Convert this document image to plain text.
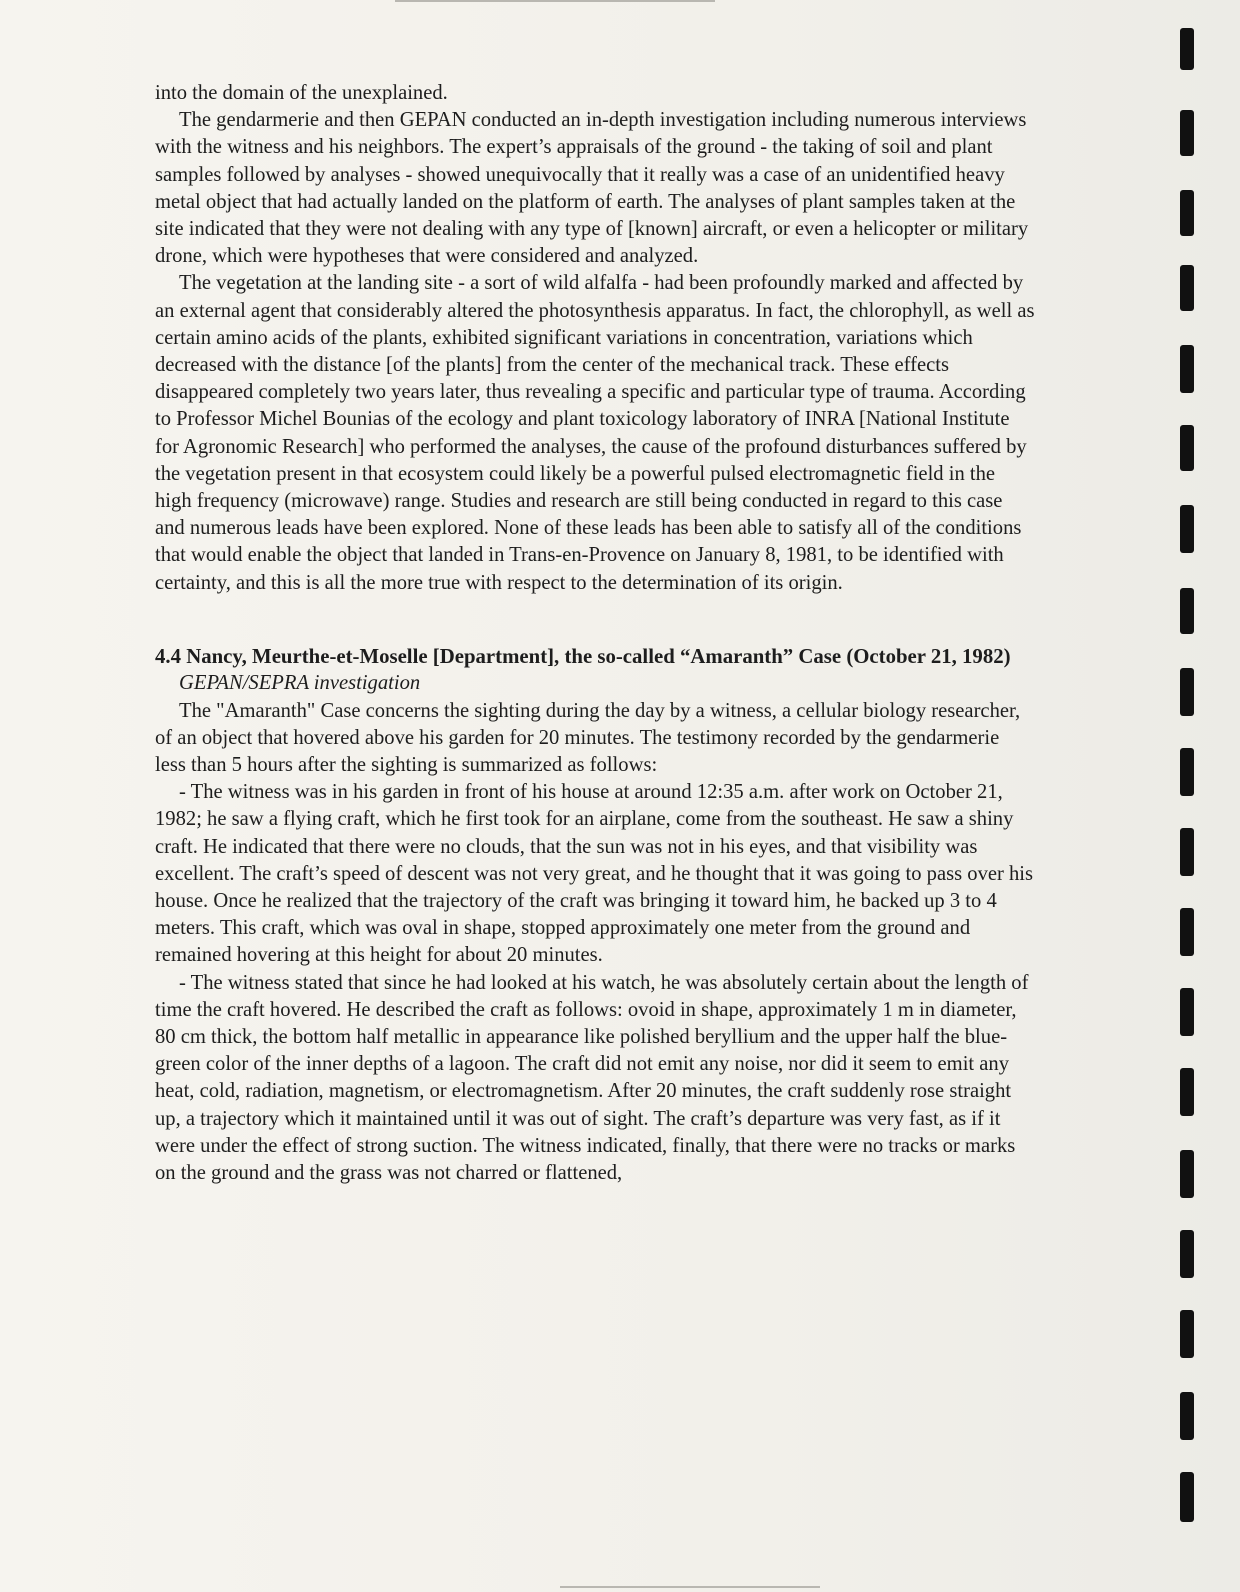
into the domain of the unexplained.

The gendarmerie and then GEPAN conducted an in-depth investigation including numerous interviews with the witness and his neighbors. The expert’s appraisals of the ground - the taking of soil and plant samples followed by analyses - showed unequivocally that it really was a case of an unidentified heavy metal object that had actually landed on the platform of earth. The analyses of plant samples taken at the site indicated that they were not dealing with any type of [known] aircraft, or even a helicopter or military drone, which were hypotheses that were considered and analyzed.

The vegetation at the landing site - a sort of wild alfalfa - had been profoundly marked and affected by an external agent that considerably altered the photosynthesis apparatus. In fact, the chlorophyll, as well as certain amino acids of the plants, exhibited significant variations in concentration, variations which decreased with the distance [of the plants] from the center of the mechanical track. These effects disappeared completely two years later, thus revealing a specific and particular type of trauma. According to Professor Michel Bounias of the ecology and plant toxicology laboratory of INRA [National Institute for Agronomic Research] who performed the analyses, the cause of the profound disturbances suffered by the vegetation present in that ecosystem could likely be a powerful pulsed electromagnetic field in the high frequency (microwave) range. Studies and research are still being conducted in regard to this case and numerous leads have been explored. None of these leads has been able to satisfy all of the conditions that would enable the object that landed in Trans-en-Provence on January 8, 1981, to be identified with certainty, and this is all the more true with respect to the determination of its origin.

4.4 Nancy, Meurthe-et-Moselle [Department], the so-called “Amaranth” Case (October 21, 1982)

GEPAN/SEPRA investigation

The "Amaranth" Case concerns the sighting during the day by a witness, a cellular biology researcher, of an object that hovered above his garden for 20 minutes. The testimony recorded by the gendarmerie less than 5 hours after the sighting is summarized as follows:

- The witness was in his garden in front of his house at around 12:35 a.m. after work on October 21, 1982; he saw a flying craft, which he first took for an airplane, come from the southeast. He saw a shiny craft. He indicated that there were no clouds, that the sun was not in his eyes, and that visibility was excellent. The craft’s speed of descent was not very great, and he thought that it was going to pass over his house. Once he realized that the trajectory of the craft was bringing it toward him, he backed up 3 to 4 meters. This craft, which was oval in shape, stopped approximately one meter from the ground and remained hovering at this height for about 20 minutes.

- The witness stated that since he had looked at his watch, he was absolutely certain about the length of time the craft hovered. He described the craft as follows: ovoid in shape, approximately 1 m in diameter, 80 cm thick, the bottom half metallic in appearance like polished beryllium and the upper half the blue-green color of the inner depths of a lagoon. The craft did not emit any noise, nor did it seem to emit any heat, cold, radiation, magnetism, or electromagnetism. After 20 minutes, the craft suddenly rose straight up, a trajectory which it maintained until it was out of sight. The craft’s departure was very fast, as if it were under the effect of strong suction. The witness indicated, finally, that there were no tracks or marks on the ground and the grass was not charred or flattened,
